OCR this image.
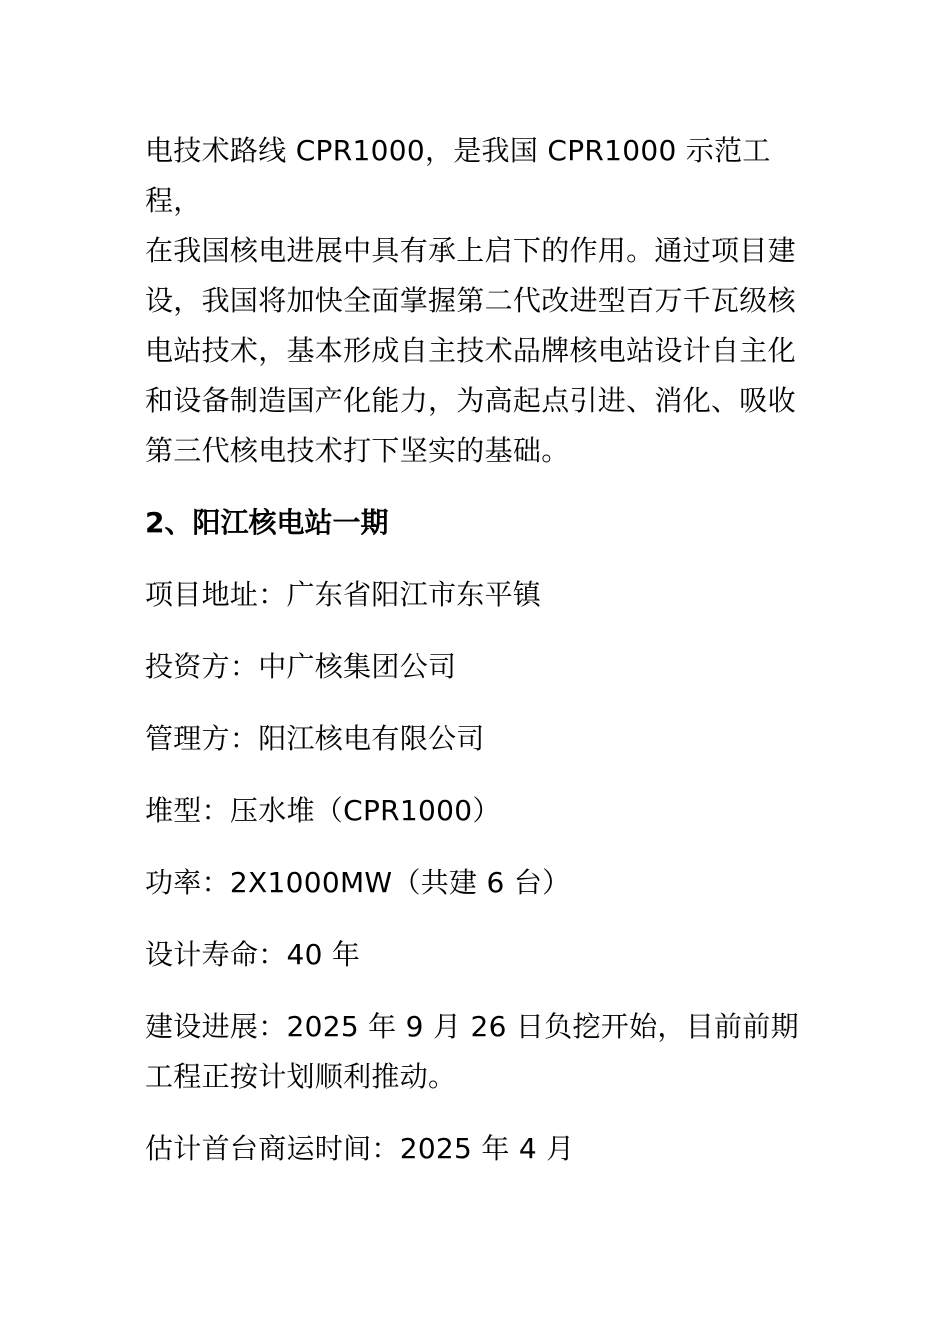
电技术路线 CPR1000，是我国 CPR1000 示范工程，
在我国核电进展中具有承上启下的作用。通过项目建
设，我国将加快全面掌握第二代改进型百万千瓦级核
电站技术，基本形成自主技术品牌核电站设计自主化
和设备制造国产化能力，为高起点引进、消化、吸收
第三代核电技术打下坚实的基础。

2、阳江核电站一期

项目地址：广东省阳江市东平镇

投资方：中广核集团公司

管理方：阳江核电有限公司

堆型：压水堆（CPR1000）

功率：2X1000MW（共建 6 台）

设计寿命：40 年

建设进展：2025 年 9 月 26 日负挖开始，目前前期
工程正按计划顺利推动。

估计首台商运时间：2025 年 4 月
